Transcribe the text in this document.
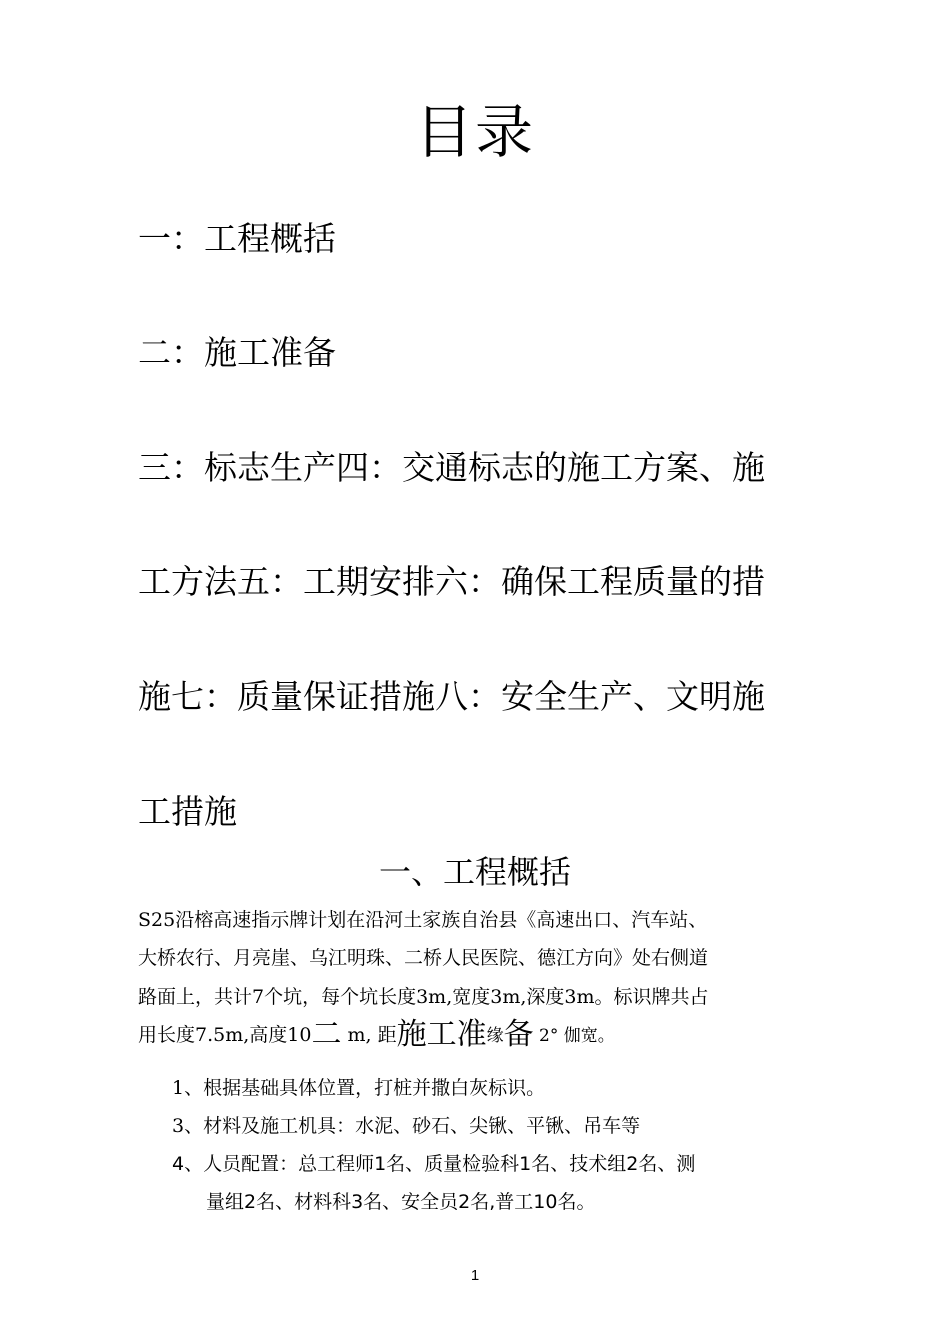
目录
一：工程概括
二：施工准备
三：标志生产四：交通标志的施工方案、施
工方法五：工期安排六：确保工程质量的措
施七：质量保证措施八：安全生产、文明施
工措施
一、工程概括
S25沿榕高速指示牌计划在沿河土家族自治县《高速出口、汽车站、
大桥农行、月亮崖、乌江明珠、二桥人民医院、德江方向》处右侧道
路面上，共计7个坑，每个坑长度3m,宽度3m,深度3m。标识牌共占
用长度7.5m,高度10二 m, 距施工准缘备 2° 伽宽。
1、根据基础具体位置，打桩并撒白灰标识。
3、材料及施工机具：水泥、砂石、尖锹、平锹、吊车等
4、人员配置：总工程师1名、质量检验科1名、技术组2名、测
量组2名、材料科3名、安全员2名,普工10名。
1
